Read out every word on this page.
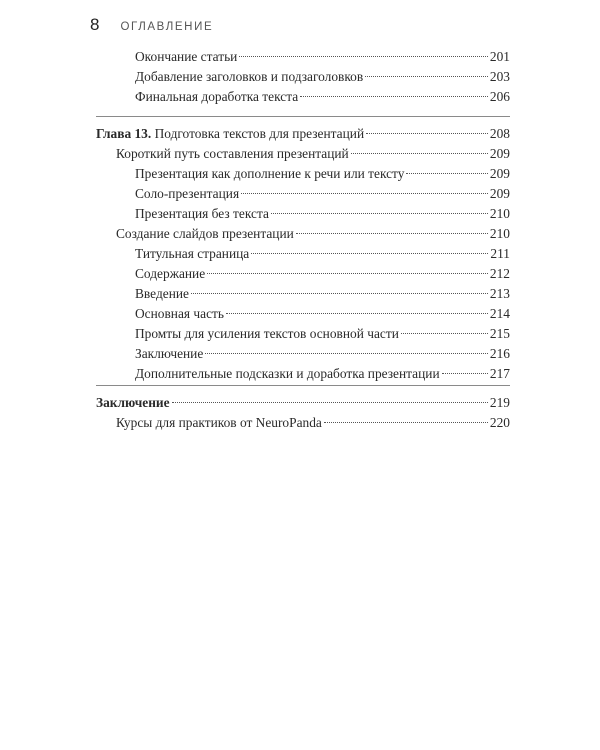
8 ОГЛАВЛЕНИЕ
Окончание статьи	201
Добавление заголовков и подзаголовков	203
Финальная доработка текста	206
Глава 13. Подготовка текстов для презентаций	208
Короткий путь составления презентаций	209
Презентация как дополнение к речи или тексту	209
Соло-презентация	209
Презентация без текста	210
Создание слайдов презентации	210
Титульная страница	211
Содержание	212
Введение	213
Основная часть	214
Промты для усиления текстов основной части	215
Заключение	216
Дополнительные подсказки и доработка презентации	217
Заключение	219
Курсы для практиков от NeuroPanda	220
